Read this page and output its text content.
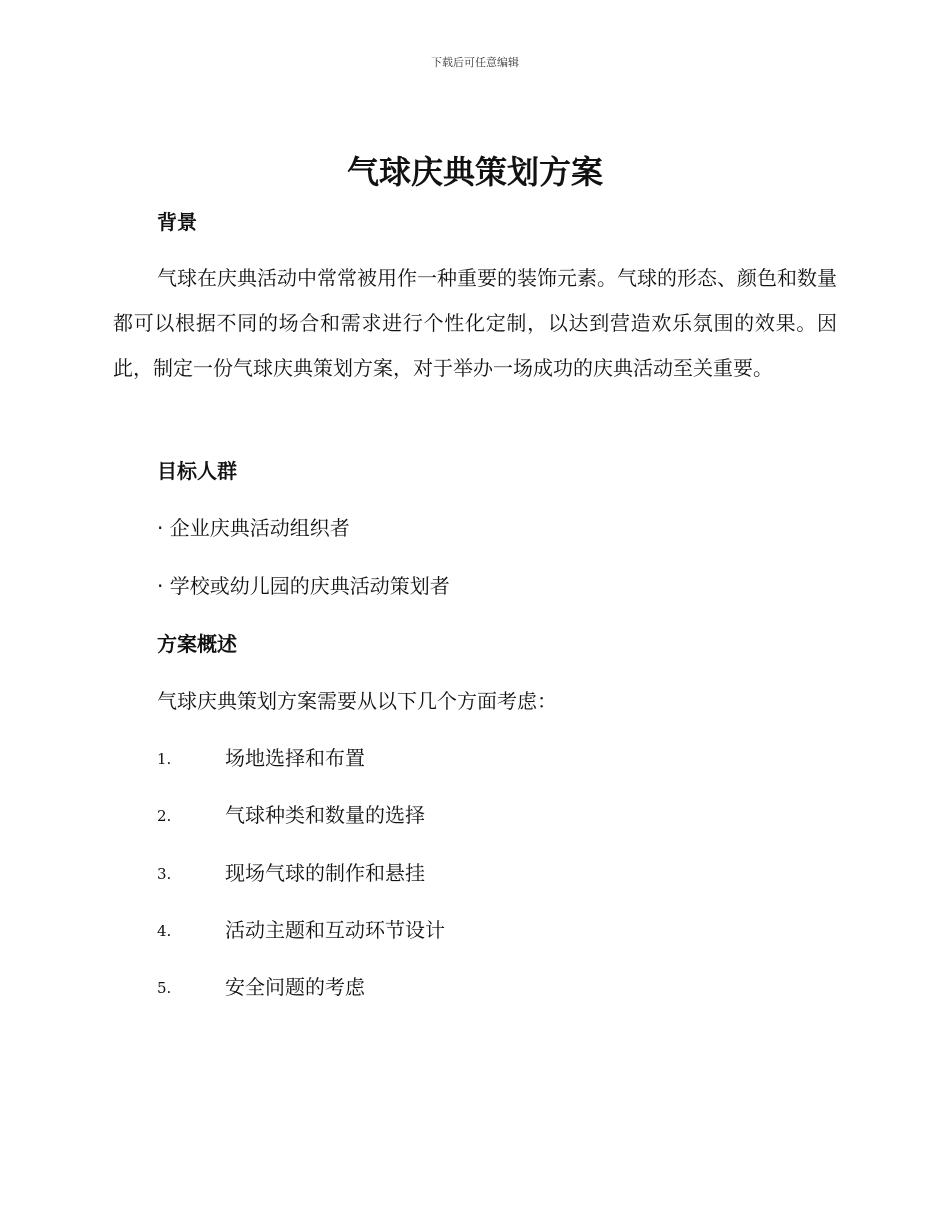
下载后可任意编辑
气球庆典策划方案
背景
气球在庆典活动中常常被用作一种重要的装饰元素。气球的形态、颜色和数量都可以根据不同的场合和需求进行个性化定制，以达到营造欢乐氛围的效果。因此，制定一份气球庆典策划方案，对于举办一场成功的庆典活动至关重要。
目标人群
· 企业庆典活动组织者
· 学校或幼儿园的庆典活动策划者
方案概述
气球庆典策划方案需要从以下几个方面考虑：
1.	场地选择和布置
2.	气球种类和数量的选择
3.	现场气球的制作和悬挂
4.	活动主题和互动环节设计
5.	安全问题的考虑
